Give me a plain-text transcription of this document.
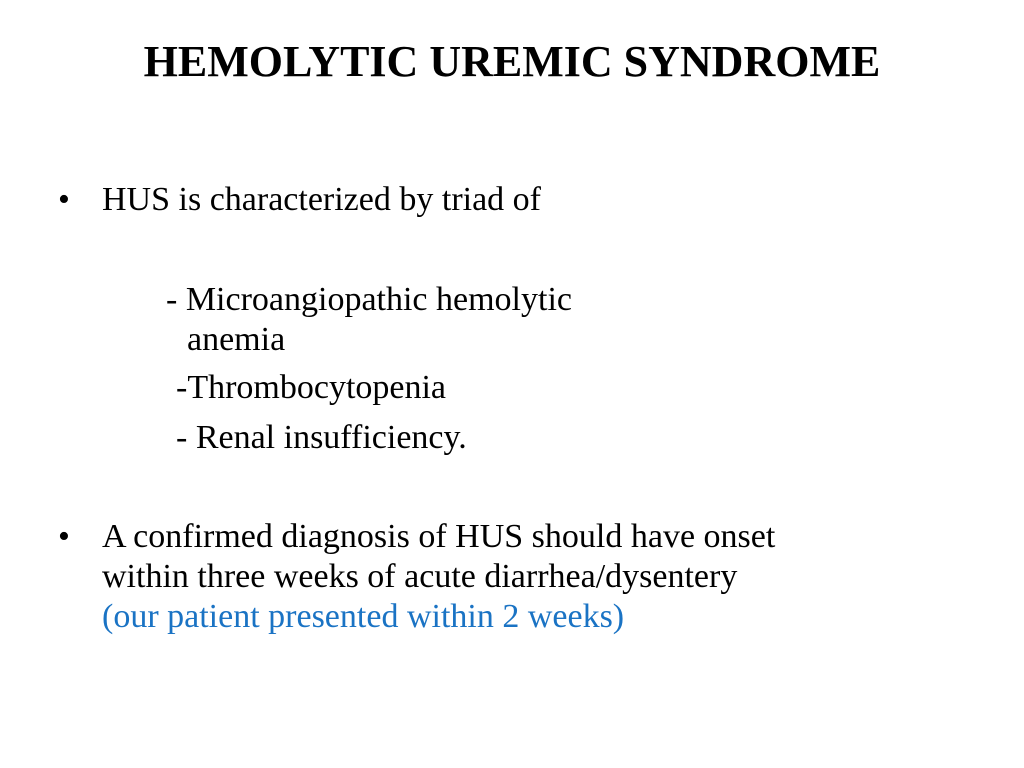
HEMOLYTIC UREMIC SYNDROME
• HUS is characterized by triad of
- Microangiopathic hemolytic
anemia
-Thrombocytopenia
- Renal insufficiency.
• A confirmed diagnosis of HUS should have onset
within three weeks of acute diarrhea/dysentery
(our patient presented within 2 weeks)
